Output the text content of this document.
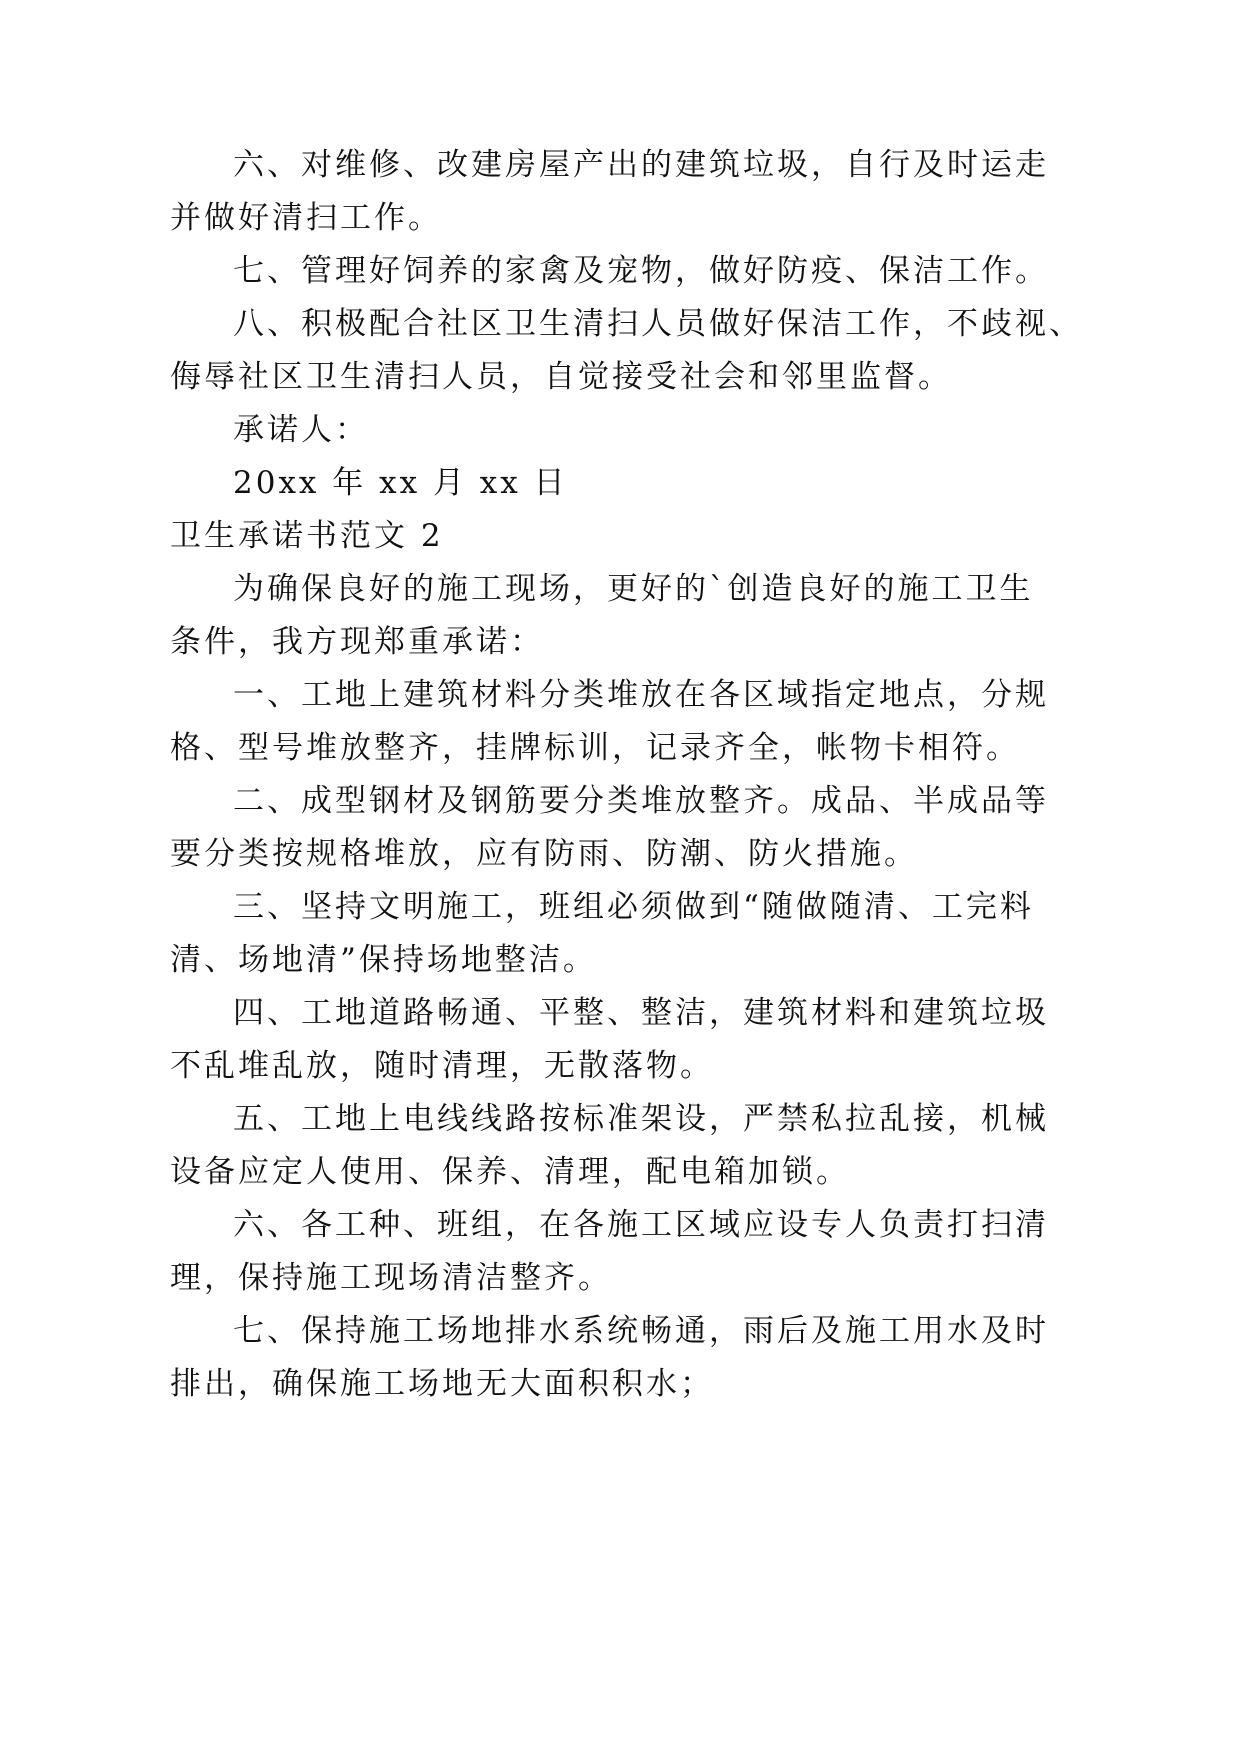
六、对维修、改建房屋产出的建筑垃圾，自行及时运走

并做好清扫工作。

七、管理好饲养的家禽及宠物，做好防疫、保洁工作。

八、积极配合社区卫生清扫人员做好保洁工作，不歧视、

侮辱社区卫生清扫人员，自觉接受社会和邻里监督。

承诺人：

20xx 年 xx 月 xx 日

卫生承诺书范文 2

为确保良好的施工现场，更好的`创造良好的施工卫生

条件，我方现郑重承诺：

一、工地上建筑材料分类堆放在各区域指定地点，分规

格、型号堆放整齐，挂牌标训，记录齐全，帐物卡相符。

二、成型钢材及钢筋要分类堆放整齐。成品、半成品等

要分类按规格堆放，应有防雨、防潮、防火措施。

三、坚持文明施工，班组必须做到“随做随清、工完料

清、场地清”保持场地整洁。

四、工地道路畅通、平整、整洁，建筑材料和建筑垃圾

不乱堆乱放，随时清理，无散落物。

五、工地上电线线路按标准架设，严禁私拉乱接，机械

设备应定人使用、保养、清理，配电箱加锁。

六、各工种、班组，在各施工区域应设专人负责打扫清

理，保持施工现场清洁整齐。

七、保持施工场地排水系统畅通，雨后及施工用水及时

排出，确保施工场地无大面积积水；
